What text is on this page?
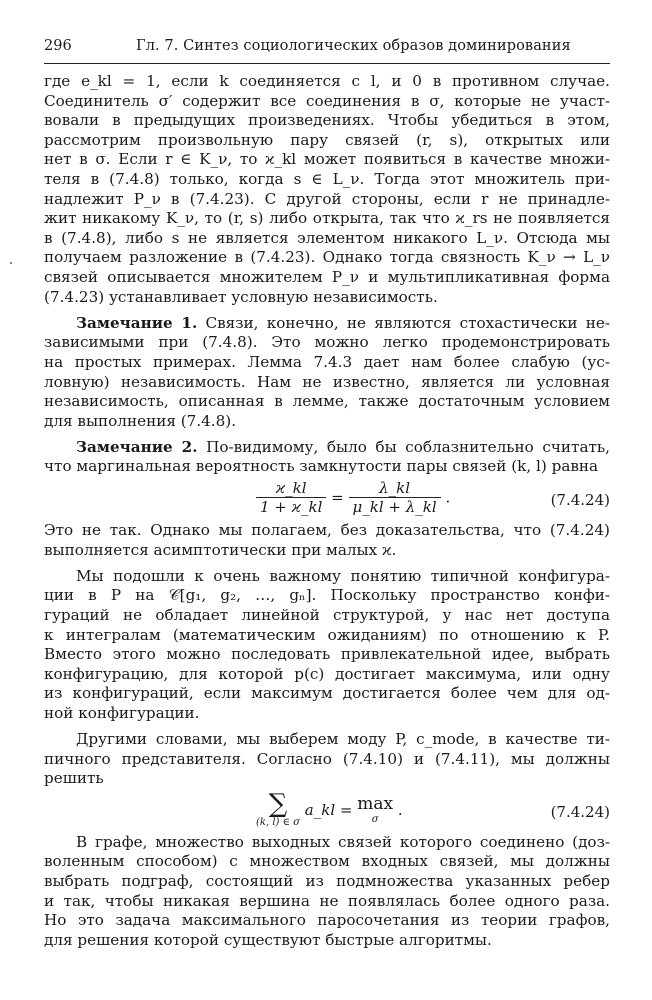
296	Гл. 7. Синтез социологических образов доминирования
где e_kl = 1, если k соединяется с l, и 0 в противном случае.
Соединитель σ′ содержит все соединения в σ, которые не участ-
вовали в предыдущих произведениях. Чтобы убедиться в этом,
рассмотрим произвольную пару связей (r, s), открытых или
нет в σ. Если r ∈ K_ν, то ϰ_kl может появиться в качестве множи-
теля в (7.4.8) только, когда s ∈ L_ν. Тогда этот множитель при-
надлежит P_ν в (7.4.23). С другой стороны, если r не принадле-
жит никакому K_ν, то (r, s) либо открыта, так что ϰ_rs не появляется
в (7.4.8), либо s не является элементом никакого L_ν. Отсюда мы
получаем разложение в (7.4.23). Однако тогда связность K_ν → L_ν
связей описывается множителем P_ν и мультипликативная форма
(7.4.23) устанавливает условную независимость.
Замечание 1. Связи, конечно, не являются стохастически не-
зависимыми при (7.4.8). Это можно легко продемонстрировать
на простых примерах. Лемма 7.4.3 дает нам более слабую (ус-
ловную) независимость. Нам не известно, является ли условная
независимость, описанная в лемме, также достаточным условием
для выполнения (7.4.8).
Замечание 2. По-видимому, было бы соблазнительно считать,
что маргинальная вероятность замкнутости пары связей (k, l) равна
$\frac{ϰ\_kl}{1 + ϰ\_kl} = \frac{\lambda\_kl}{\mu\_kl + \lambda\_kl}$ .	(7.4.24)
Это не так. Однако мы полагаем, без доказательства, что (7.4.24)
выполняется асимптотически при малых ϰ.
Мы подошли к очень важному понятию типичной конфигура-
ции в P на 𝒞[g₁, g₂, …, gₙ]. Поскольку пространство конфи-
гураций не обладает линейной структурой, у нас нет доступа
к интегралам (математическим ожиданиям) по отношению к P.
Вместо этого можно последовать привлекательной идее, выбрать
конфигурацию, для которой p(c) достигает максимума, или одну
из конфигураций, если максимум достигается более чем для од-
ной конфигурации.
Другими словами, мы выберем моду P, c_mode, в качестве ти-
пичного представителя. Согласно (7.4.10) и (7.4.11), мы должны
решить
∑
(k, l) ∈ σ
a_kl = max
σ
.	(7.4.24)
В графе, множество выходных связей которого соединено (доз-
воленным способом) с множеством входных связей, мы должны
выбрать подграф, состоящий из подмножества указанных ребер
и так, чтобы никакая вершина не появлялась более одного раза.
Но это задача максимального паросочетания из теории графов,
для решения которой существуют быстрые алгоритмы.
